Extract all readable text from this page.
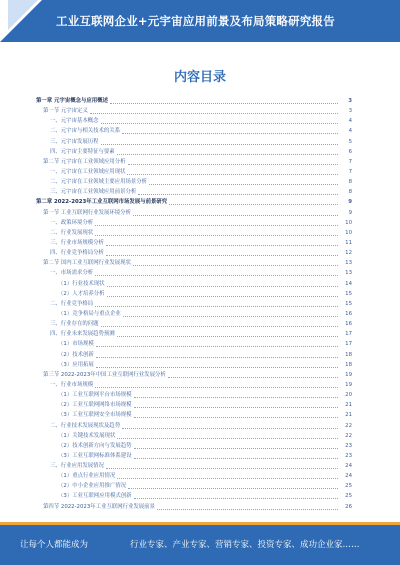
工业互联网企业+元宇宙应用前景及布局策略研究报告
内容目录
第一章 元宇宙概念与应用概述	3
第一节 元宇宙定义	3
一、元宇宙基本概念	4
二、元宇宙与相关技术的关系	4
三、元宇宙发展历程	5
四、元宇宙主要特征与要素	6
第二节 元宇宙在工业领域应用分析	7
一、元宇宙在工业领域应用现状	7
二、元宇宙在工业领域主要应用场景分析	8
三、元宇宙在工业领域应用前景分析	8
第二章 2022-2023年工业互联网市场发展与前景研究	9
第一节 工业互联网行业发展环境分析	9
一、政策环境分析	10
二、行业发展现状	10
三、行业市场规模分析	11
四、行业竞争格局分析	12
第二节 国内工业互联网行业发展现状	13
一、市场需求分析	13
（1）行业技术现状	14
（2）人才培养分析	15
二、行业竞争格局	15
（1）竞争格局与重点企业	16
三、行业存在的问题	16
四、行业未来发展趋势预测	17
（1）市场规模	17
（2）技术创新	18
（3）应用拓展	18
第三节 2022-2023年中国工业互联网行业发展分析	19
一、行业市场规模	19
（1）工业互联网平台市场规模	20
（2）工业互联网网络市场规模	21
（3）工业互联网安全市场规模	21
二、行业技术发展现状及趋势	22
（1）关键技术发展现状	22
（2）技术创新方向与发展趋势	23
（3）工业互联网标准体系建设	23
三、行业应用发展情况	24
（1）重点行业应用情况	24
（2）中小企业应用推广情况	25
（3）工业互联网应用模式创新	25
第四节 2022-2023年工业互联网行业发展前景	26
让每个人都能成为	行业专家、产业专家、营销专家、投资专家、成功企业家……
